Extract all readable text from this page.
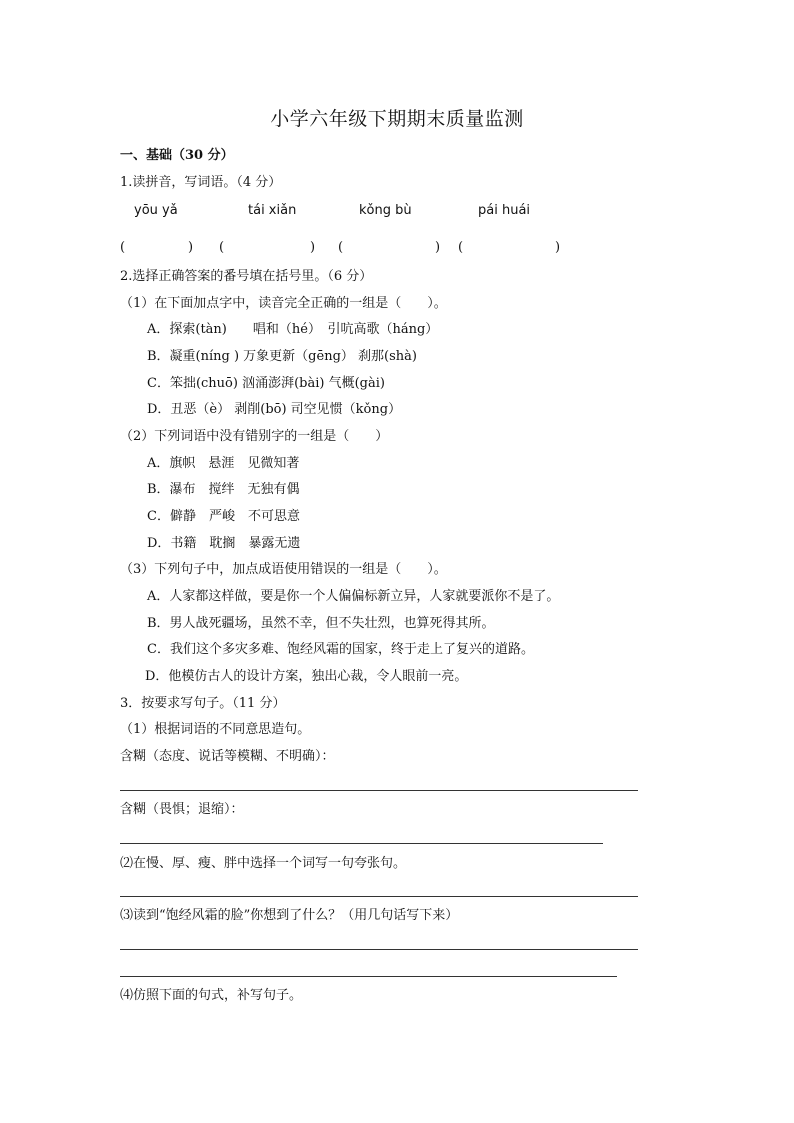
小学六年级下期期末质量监测
一、基础（30 分）
1.读拼音，写词语。（4 分）
yōu yǎ	tái xiǎn	kǒng bù	pái huái
(	) (	) (	) (	)
2.选择正确答案的番号填在括号里。（6 分）
（1）在下面加点字中，读音完全正确的一组是（　　）。
A．探索(tàn)　　唱和（hé）　引吭高歌（háng）
B．凝重(níng ) 万象更新（gēng） 刹那(shà)
C．笨拙(chuō) 汹涌澎湃(bài) 气概(gài)
D．丑恶（è） 剥削(bō) 司空见惯（kǒng）
（2）下列词语中没有错别字的一组是（　　）
A．旗帜　悬涯　见微知著
B．瀑布　搅绊　无独有偶
C．僻静　严峻　不可思意
D．书籍　耽搁　暴露无遗
（3）下列句子中，加点成语使用错误的一组是（　　）。
A．人家都这样做，要是你一个人偏偏标新立异，人家就要派你不是了。
B．男人战死疆场，虽然不幸，但不失壮烈，也算死得其所。
C．我们这个多灾多难、饱经风霜的国家，终于走上了复兴的道路。
D．他模仿古人的设计方案，独出心裁，令人眼前一亮。
3．按要求写句子。（11 分）
（1）根据词语的不同意思造句。
含糊（态度、说话等模糊、不明确）：
含糊（畏惧；退缩）：
⑵在慢、厚、瘦、胖中选择一个词写一句夸张句。
⑶读到“饱经风霜的脸”你想到了什么？（用几句话写下来）
⑷仿照下面的句式，补写句子。
